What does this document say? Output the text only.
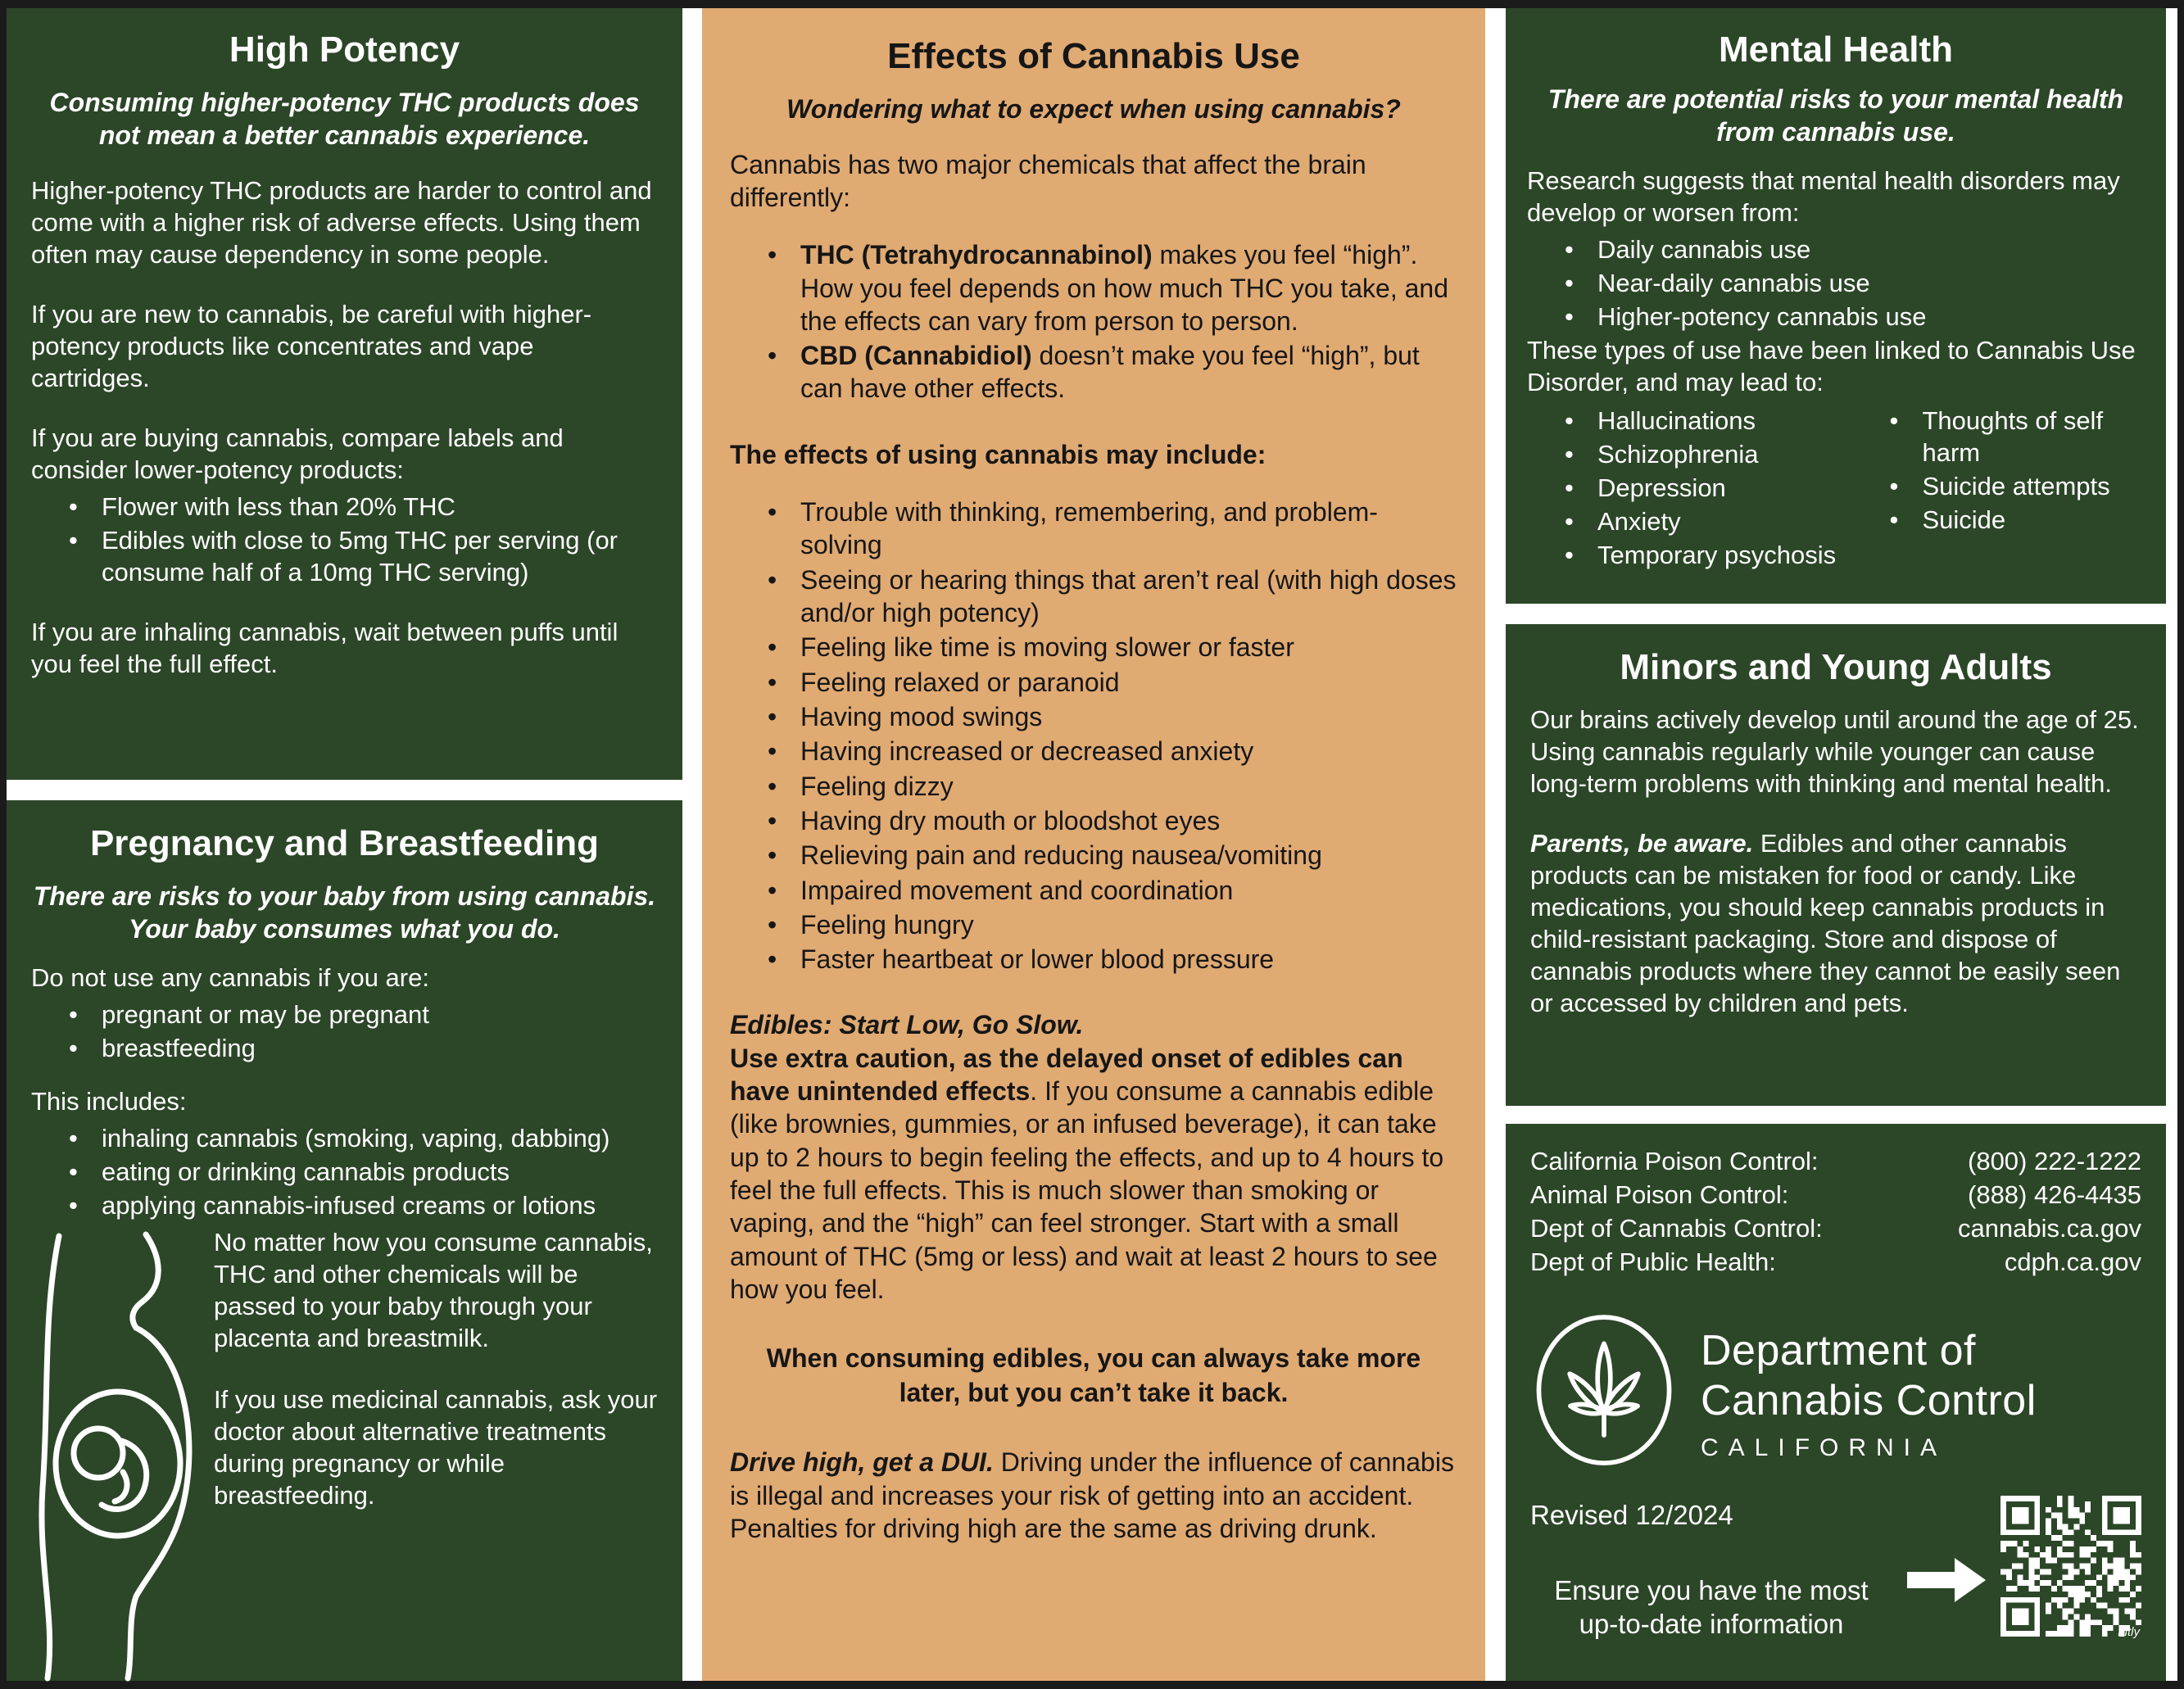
High Potency

Consuming higher-potency THC products does not mean a better cannabis experience.

Higher-potency THC products are harder to control and come with a higher risk of adverse effects. Using them often may cause dependency in some people.

If you are new to cannabis, be careful with higher-potency products like concentrates and vape cartridges.

If you are buying cannabis, compare labels and consider lower-potency products:

• Flower with less than 20% THC
• Edibles with close to 5mg THC per serving (or consume half of a 10mg THC serving)

If you are inhaling cannabis, wait between puffs until you feel the full effect.

Pregnancy and Breastfeeding

There are risks to your baby from using cannabis. Your baby consumes what you do.

Do not use any cannabis if you are:

• pregnant or may be pregnant
• breastfeeding

This includes:

• inhaling cannabis (smoking, vaping, dabbing)
• eating or drinking cannabis products
• applying cannabis-infused creams or lotions

No matter how you consume cannabis, THC and other chemicals will be passed to your baby through your placenta and breastmilk.

If you use medicinal cannabis, ask your doctor about alternative treatments during pregnancy or while breastfeeding.

Effects of Cannabis Use

Wondering what to expect when using cannabis?

Cannabis has two major chemicals that affect the brain differently:

• THC (Tetrahydrocannabinol) makes you feel “high”. How you feel depends on how much THC you take, and the effects can vary from person to person.
• CBD (Cannabidiol) doesn’t make you feel “high”, but can have other effects.

The effects of using cannabis may include:

• Trouble with thinking, remembering, and problem-solving
• Seeing or hearing things that aren’t real (with high doses and/or high potency)
• Feeling like time is moving slower or faster
• Feeling relaxed or paranoid
• Having mood swings
• Having increased or decreased anxiety
• Feeling dizzy
• Having dry mouth or bloodshot eyes
• Relieving pain and reducing nausea/vomiting
• Impaired movement and coordination
• Feeling hungry
• Faster heartbeat or lower blood pressure

Edibles: Start Low, Go Slow.
Use extra caution, as the delayed onset of edibles can have unintended effects. If you consume a cannabis edible (like brownies, gummies, or an infused beverage), it can take up to 2 hours to begin feeling the effects, and up to 4 hours to feel the full effects. This is much slower than smoking or vaping, and the “high” can feel stronger. Start with a small amount of THC (5mg or less) and wait at least 2 hours to see how you feel.

When consuming edibles, you can always take more later, but you can’t take it back.

Drive high, get a DUI. Driving under the influence of cannabis is illegal and increases your risk of getting into an accident. Penalties for driving high are the same as driving drunk.

Mental Health

There are potential risks to your mental health from cannabis use.

Research suggests that mental health disorders may develop or worsen from:

• Daily cannabis use
• Near-daily cannabis use
• Higher-potency cannabis use

These types of use have been linked to Cannabis Use Disorder, and may lead to:

• Hallucinations
• Schizophrenia
• Depression
• Anxiety
• Temporary psychosis
• Thoughts of self harm
• Suicide attempts
• Suicide
Minors and Young Adults

Our brains actively develop until around the age of 25. Using cannabis regularly while younger can cause long-term problems with thinking and mental health.

Parents, be aware. Edibles and other cannabis products can be mistaken for food or candy. Like medications, you should keep cannabis products in child-resistant packaging. Store and dispose of cannabis products where they cannot be easily seen or accessed by children and pets.

California Poison Control:	(800) 222-1222
Animal Poison Control:	(888) 426-4435
Dept of Cannabis Control:	cannabis.ca.gov
Dept of Public Health:	cdph.ca.gov
Department of
Cannabis Control
CALIFORNIA
Revised 12/2024
Ensure you have the most
up-to-date information	bitly
